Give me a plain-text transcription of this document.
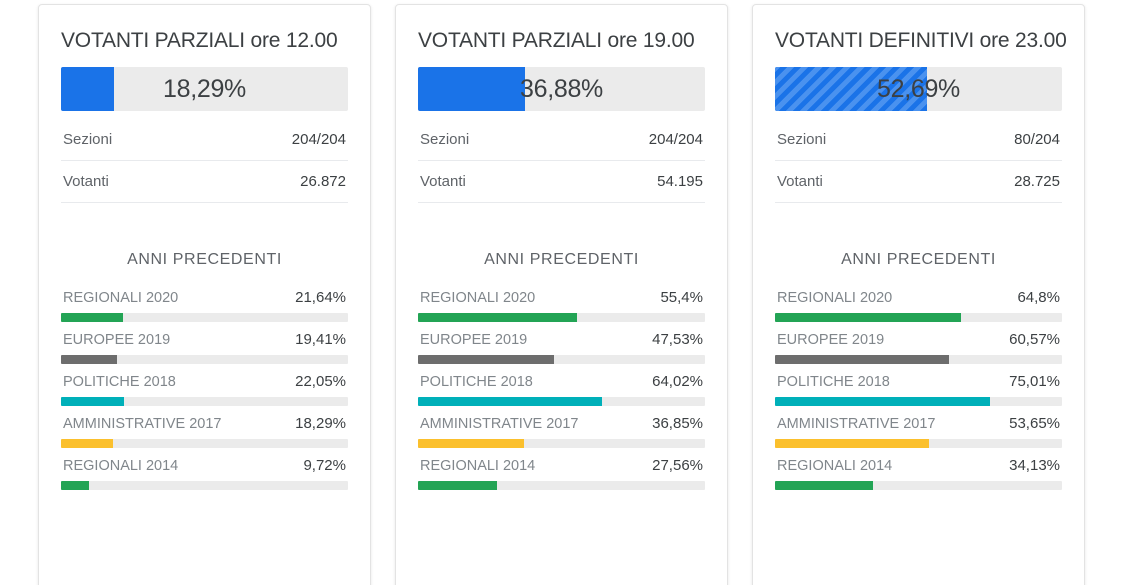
VOTANTI PARZIALI ore 12.00
18,29%
Sezioni	204/204
Votanti	26.872
ANNI PRECEDENTI
REGIONALI 2020	21,64%
EUROPEE 2019	19,41%
POLITICHE 2018	22,05%
AMMINISTRATIVE 2017	18,29%
REGIONALI 2014	9,72%
VOTANTI PARZIALI ore 19.00
36,88%
Sezioni	204/204
Votanti	54.195
ANNI PRECEDENTI
REGIONALI 2020	55,4%
EUROPEE 2019	47,53%
POLITICHE 2018	64,02%
AMMINISTRATIVE 2017	36,85%
REGIONALI 2014	27,56%
VOTANTI DEFINITIVI ore 23.00
52,69%
Sezioni	80/204
Votanti	28.725
ANNI PRECEDENTI
REGIONALI 2020	64,8%
EUROPEE 2019	60,57%
POLITICHE 2018	75,01%
AMMINISTRATIVE 2017	53,65%
REGIONALI 2014	34,13%
